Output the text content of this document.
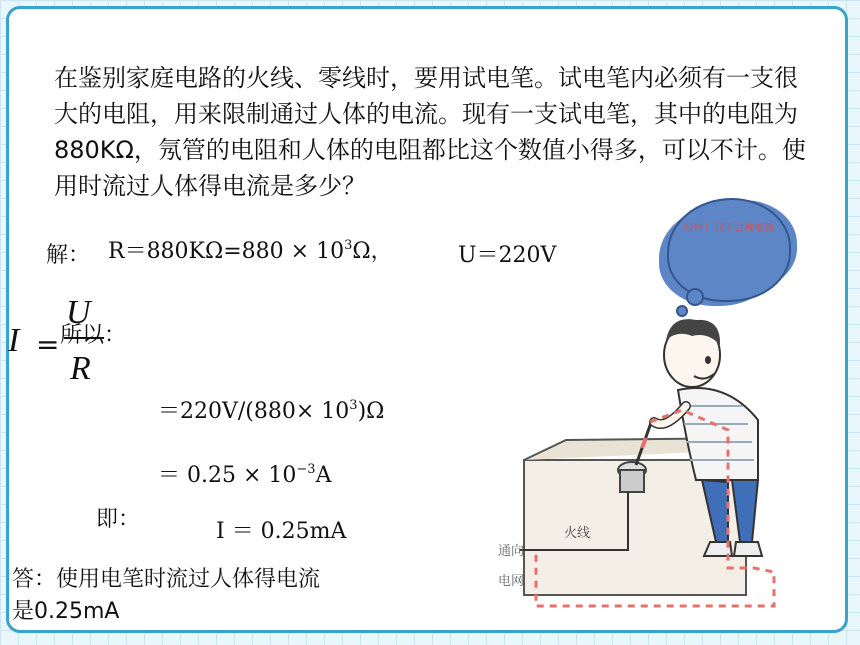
在鉴别家庭电路的火线、零线时，要用试电笔。试电笔内必须有一支很大的电阻，用来限制通过人体的电流。现有一支试电笔，其中的电阻为880KΩ，氖管的电阻和人体的电阻都比这个数值小得多，可以不计。使用时流过人体得电流是多少？
解： $R=880K\Omega=880 \times 10^3\Omega$，	U＝220V
I =
U
R
所以：
$=220V/(880\times 10^3)\Omega$
＝ $0.25 \times 10^{-3}A$
即：	I ＝ 0.25mA
答：使用电笔时流过人体得电流
是0.25mA
哎呀！我手会被电到
火线
通向
电网
